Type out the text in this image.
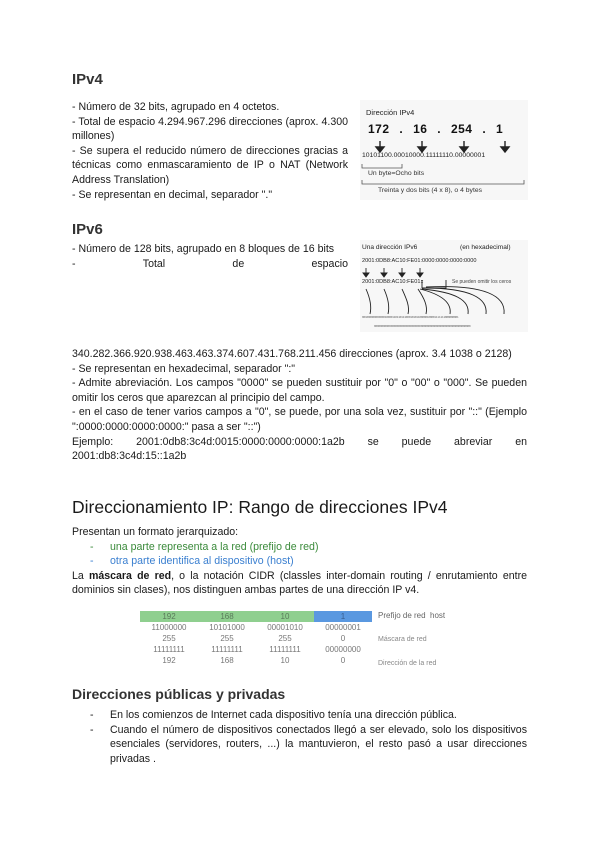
IPv4
- Número de 32 bits, agrupado en 4 octetos.
- Total de espacio 4.294.967.296 direcciones (aprox. 4.300 millones)
- Se supera el reducido número de direcciones gracias a técnicas como enmascaramiento de IP o NAT (Network Address Translation)
- Se representan en decimal, separador "."
Dirección IPv4
172 . 16 . 254 . 1
10101100.00010000.11111110.00000001
Un byte=Ocho bits
Treinta y dos bits (4 x 8), o 4 bytes
IPv6
- Número de 128 bits, agrupado en 8 bloques de 16 bits
-	Total	de	espacio
Una dirección IPv6	(en hexadecimal)
2001:0DB8:AC10:FE01:0000:0000:0000:0000
2001:0DB8:AC10:FE01::	Se pueden omitir los ceros
0010000000000001000011011011100010101100000100001111111000000001
0000000000000000000000000000000000000000000000000000000000000000
340.282.366.920.938.463.463.374.607.431.768.211.456 direcciones (aprox. 3.4 1038 o 2128)
- Se representan en hexadecimal, separador ":"
- Admite abreviación. Los campos "0000" se pueden sustituir por "0" o "00" o "000". Se pueden omitir los ceros que aparezcan al principio del campo.
- en el caso de tener varios campos a "0", se puede, por una sola vez, sustituir por "::" (Ejemplo ":0000:0000:0000:0000:" pasa a ser "::")
Ejemplo: 2001:0db8:3c4d:0015:0000:0000:0000:1a2b se puede abreviar en 2001:db8:3c4d:15::1a2b
Direccionamiento IP: Rango de direcciones IPv4
Presentan un formato jerarquizado:
- una parte representa a la red (prefijo de red)
- otra parte identifica al dispositivo (host)
La máscara de red, o la notación CIDR (classles inter-domain routing / enrutamiento entre dominios sin clases), nos distinguen ambas partes de una dirección IP v4.
192	168	10	1
11000000	10101000	00001010	00000001
255	255	255	0
11111111	11111111	11111111	00000000
192	168	10	0
Prefijo de red host
Máscara de red
Dirección de la red
Direcciones públicas y privadas
- En los comienzos de Internet cada dispositivo tenía una dirección pública.
- Cuando el número de dispositivos conectados llegó a ser elevado, solo los dispositivos esenciales (servidores, routers, ...) la mantuvieron, el resto pasó a usar direcciones privadas .
